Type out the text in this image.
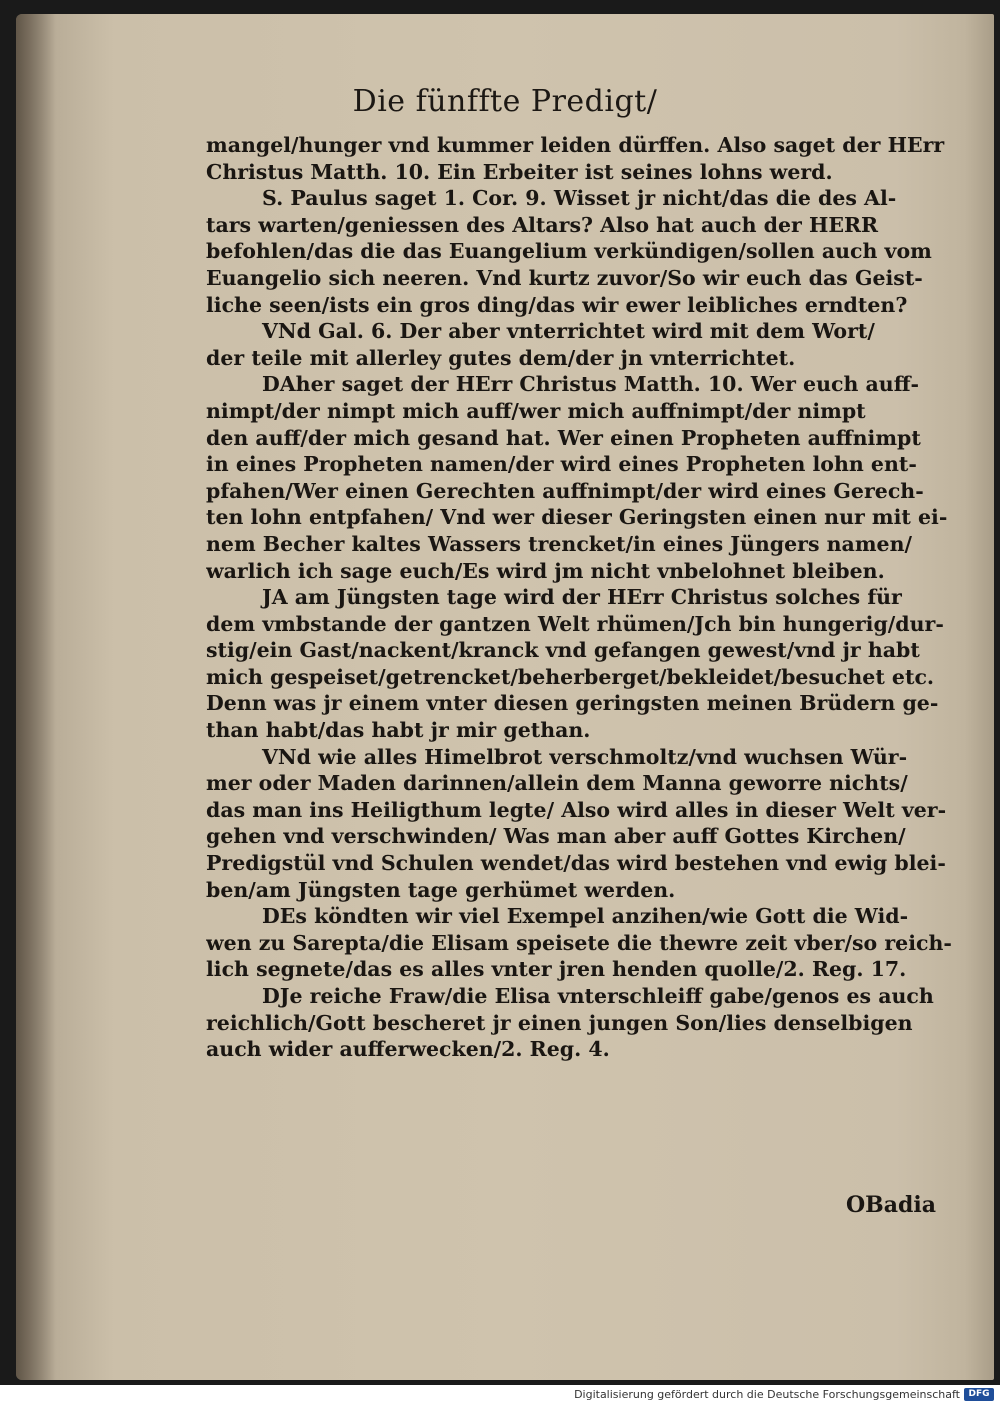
Die fünffte Predigt/
mangel/hunger vnd kummer leiden dürffen. Also saget der HErr
Christus Matth. 10. Ein Erbeiter ist seines lohns werd.
S. Paulus saget 1. Cor. 9. Wisset jr nicht/das die des Al-
tars warten/geniessen des Altars? Also hat auch der HERR
befohlen/das die das Euangelium verkündigen/sollen auch vom
Euangelio sich neeren. Vnd kurtz zuvor/So wir euch das Geist-
liche seen/ists ein gros ding/das wir ewer leibliches erndten?
VNd Gal. 6. Der aber vnterrichtet wird mit dem Wort/
der teile mit allerley gutes dem/der jn vnterrichtet.
DAher saget der HErr Christus Matth. 10. Wer euch auff-
nimpt/der nimpt mich auff/wer mich auffnimpt/der nimpt
den auff/der mich gesand hat. Wer einen Propheten auffnimpt
in eines Propheten namen/der wird eines Propheten lohn ent-
pfahen/Wer einen Gerechten auffnimpt/der wird eines Gerech-
ten lohn entpfahen/ Vnd wer dieser Geringsten einen nur mit ei-
nem Becher kaltes Wassers trencket/in eines Jüngers namen/
warlich ich sage euch/Es wird jm nicht vnbelohnet bleiben.
JA am Jüngsten tage wird der HErr Christus solches für
dem vmbstande der gantzen Welt rhümen/Jch bin hungerig/dur-
stig/ein Gast/nackent/kranck vnd gefangen gewest/vnd jr habt
mich gespeiset/getrencket/beherberget/bekleidet/besuchet etc.
Denn was jr einem vnter diesen geringsten meinen Brüdern ge-
than habt/das habt jr mir gethan.
VNd wie alles Himelbrot verschmoltz/vnd wuchsen Wür-
mer oder Maden darinnen/allein dem Manna geworre nichts/
das man ins Heiligthum legte/ Also wird alles in dieser Welt ver-
gehen vnd verschwinden/ Was man aber auff Gottes Kirchen/
Predigstül vnd Schulen wendet/das wird bestehen vnd ewig blei-
ben/am Jüngsten tage gerhümet werden.
DEs köndten wir viel Exempel anzihen/wie Gott die Wid-
wen zu Sarepta/die Elisam speisete die thewre zeit vber/so reich-
lich segnete/das es alles vnter jren henden quolle/2. Reg. 17.
DJe reiche Fraw/die Elisa vnterschleiff gabe/genos es auch
reichlich/Gott bescheret jr einen jungen Son/lies denselbigen
auch wider aufferwecken/2. Reg. 4.
OBadia
Digitalisierung gefördert durch die Deutsche Forschungsgemeinschaft DFG
